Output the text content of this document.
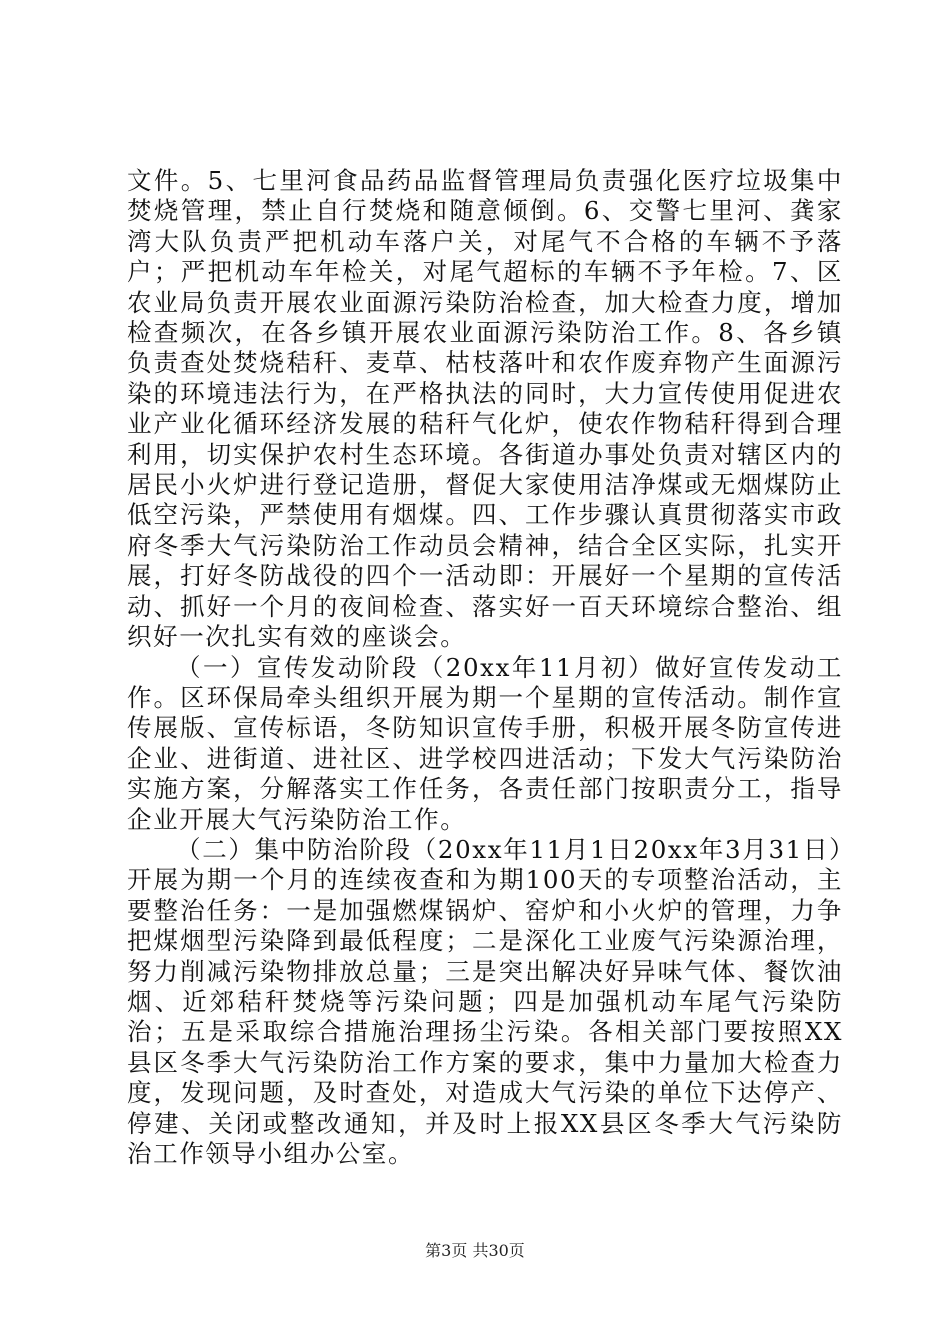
文件。5、七里河食品药品监督管理局负责强化医疗垃圾集中焚烧管理，禁止自行焚烧和随意倾倒。6、交警七里河、龚家湾大队负责严把机动车落户关，对尾气不合格的车辆不予落户；严把机动车年检关，对尾气超标的车辆不予年检。7、区农业局负责开展农业面源污染防治检查，加大检查力度，增加检查频次，在各乡镇开展农业面源污染防治工作。8、各乡镇负责查处焚烧秸秆、麦草、枯枝落叶和农作废弃物产生面源污染的环境违法行为，在严格执法的同时，大力宣传使用促进农业产业化循环经济发展的秸秆气化炉，使农作物秸秆得到合理利用，切实保护农村生态环境。各街道办事处负责对辖区内的居民小火炉进行登记造册，督促大家使用洁净煤或无烟煤防止低空污染，严禁使用有烟煤。四、工作步骤认真贯彻落实市政府冬季大气污染防治工作动员会精神，结合全区实际，扎实开展，打好冬防战役的四个一活动即：开展好一个星期的宣传活动、抓好一个月的夜间检查、落实好一百天环境综合整治、组织好一次扎实有效的座谈会。

（一）宣传发动阶段（20xx年11月初）做好宣传发动工作。区环保局牵头组织开展为期一个星期的宣传活动。制作宣传展版、宣传标语，冬防知识宣传手册，积极开展冬防宣传进企业、进街道、进社区、进学校四进活动；下发大气污染防治实施方案，分解落实工作任务，各责任部门按职责分工，指导企业开展大气污染防治工作。

（二）集中防治阶段（20xx年11月1日20xx年3月31日）开展为期一个月的连续夜查和为期100天的专项整治活动，主要整治任务：一是加强燃煤锅炉、窑炉和小火炉的管理，力争把煤烟型污染降到最低程度；二是深化工业废气污染源治理，努力削减污染物排放总量；三是突出解决好异味气体、餐饮油烟、近郊秸秆焚烧等污染问题；四是加强机动车尾气污染防治；五是采取综合措施治理扬尘污染。各相关部门要按照XX县区冬季大气污染防治工作方案的要求，集中力量加大检查力度，发现问题，及时查处，对造成大气污染的单位下达停产、停建、关闭或整改通知，并及时上报XX县区冬季大气污染防治工作领导小组办公室。

第3页 共30页
